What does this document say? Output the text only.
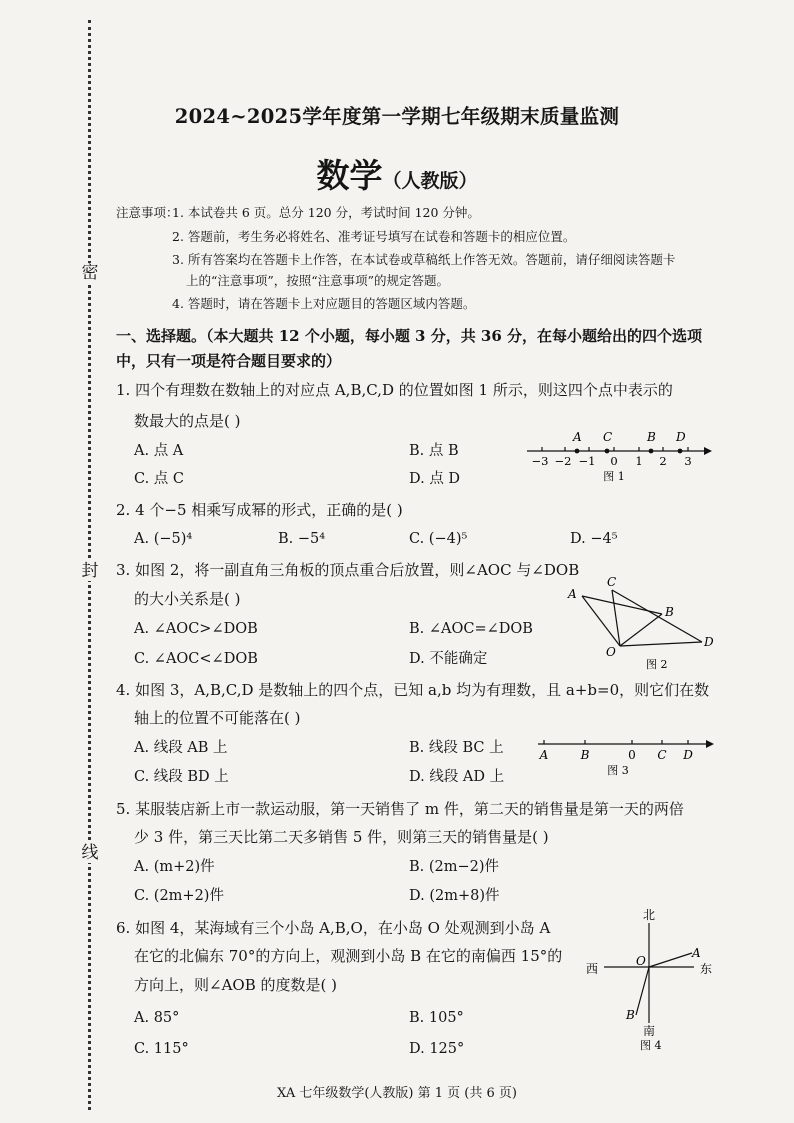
密
封
线
2024~2025学年度第一学期七年级期末质量监测
数学（人教版）
注意事项：
1. 本试卷共 6 页。总分 120 分，考试时间 120 分钟。
2. 答题前，考生务必将姓名、准考证号填写在试卷和答题卡的相应位置。
3. 所有答案均在答题卡上作答，在本试卷或草稿纸上作答无效。答题前，请仔细阅读答题卡
上的“注意事项”，按照“注意事项”的规定答题。
4. 答题时，请在答题卡上对应题目的答题区域内答题。
一、选择题。（本大题共 12 个小题，每小题 3 分，共 36 分，在每小题给出的四个选项
中，只有一项是符合题目要求的）
1. 四个有理数在数轴上的对应点 A,B,C,D 的位置如图 1 所示，则这四个点中表示的
数最大的点是( )
A. 点 A	B. 点 B
C. 点 C	D. 点 D
A C	B D
−3 −2 −1 0 1 2 3
图 1
2. 4 个−5 相乘写成幂的形式，正确的是( )
A. (−5)⁴	B. −5⁴	C. (−4)⁵	D. −4⁵
3. 如图 2，将一副直角三角板的顶点重合后放置，则∠AOC 与∠DOB
的大小关系是( )
A. ∠AOC>∠DOB	B. ∠AOC=∠DOB
C. ∠AOC<∠DOB	D. 不能确定
A
C
B
D
O
图 2
4. 如图 3，A,B,C,D 是数轴上的四个点，已知 a,b 均为有理数，且 a+b=0，则它们在数
轴上的位置不可能落在( )
A. 线段 AB 上	B. 线段 BC 上
C. 线段 BD 上	D. 线段 AD 上
A	B	0 C D
图 3
5. 某服装店新上市一款运动服，第一天销售了 m 件，第二天的销售量是第一天的两倍
少 3 件，第三天比第二天多销售 5 件，则第三天的销售量是( )
A. (m+2)件	B. (2m−2)件
C. (2m+2)件	D. (2m+8)件
6. 如图 4，某海域有三个小岛 A,B,O，在小岛 O 处观测到小岛 A
在它的北偏东 70°的方向上，观测到小岛 B 在它的南偏西 15°的
方向上，则∠AOB 的度数是( )
A. 85°	B. 105°
C. 115°	D. 125°
北
南
西	东
O
A
B
图 4
XA 七年级数学(人教版) 第 1 页 (共 6 页)
